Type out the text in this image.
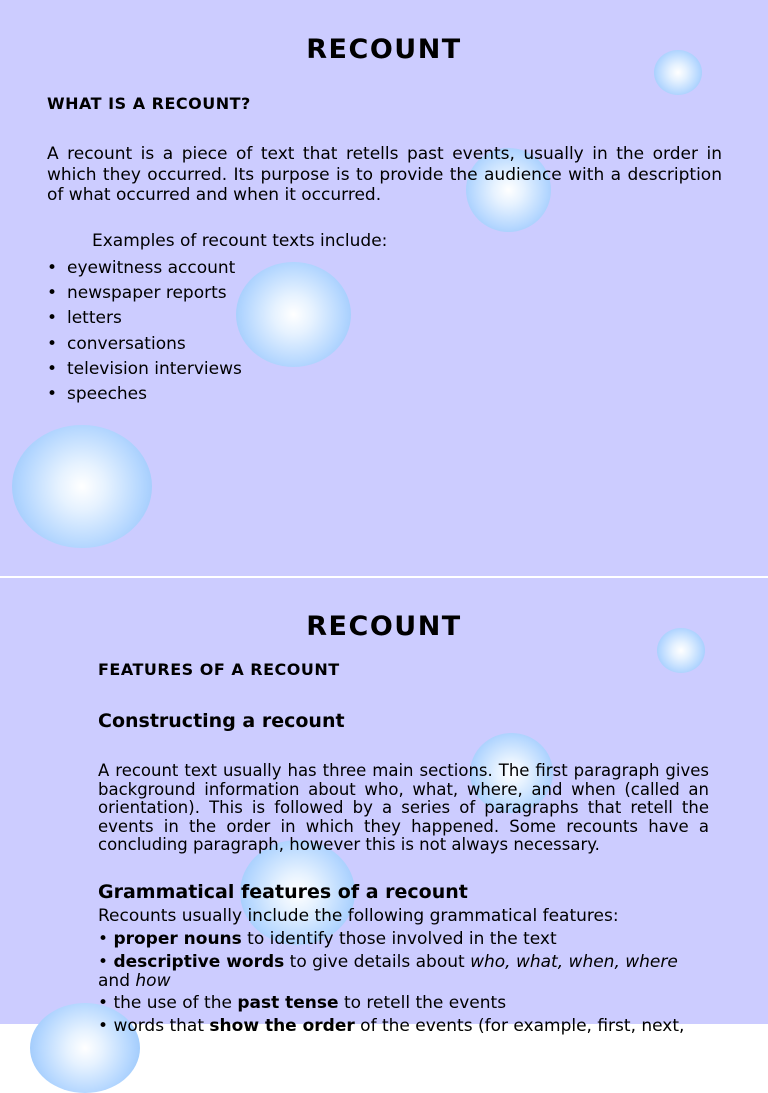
RECOUNT
WHAT IS A RECOUNT?

A recount is a piece of text that retells past events, usually in the order in which they occurred. Its purpose is to provide the audience with a description of what occurred and when it occurred.

Examples of recount texts include:

• eyewitness account
• newspaper reports
• letters
• conversations
• television interviews
• speeches
RECOUNT
FEATURES OF A RECOUNT
Constructing a recount

A recount text usually has three main sections. The first paragraph gives background information about who, what, where, and when (called an orientation). This is followed by a series of paragraphs that retell the events in the order in which they happened. Some recounts have a concluding paragraph, however this is not always necessary.

Grammatical features of a recount

Recounts usually include the following grammatical features:

• proper nouns to identify those involved in the text
• descriptive words to give details about who, what, when, where
and how
• the use of the past tense to retell the events
• words that show the order of the events (for example, first, next,
